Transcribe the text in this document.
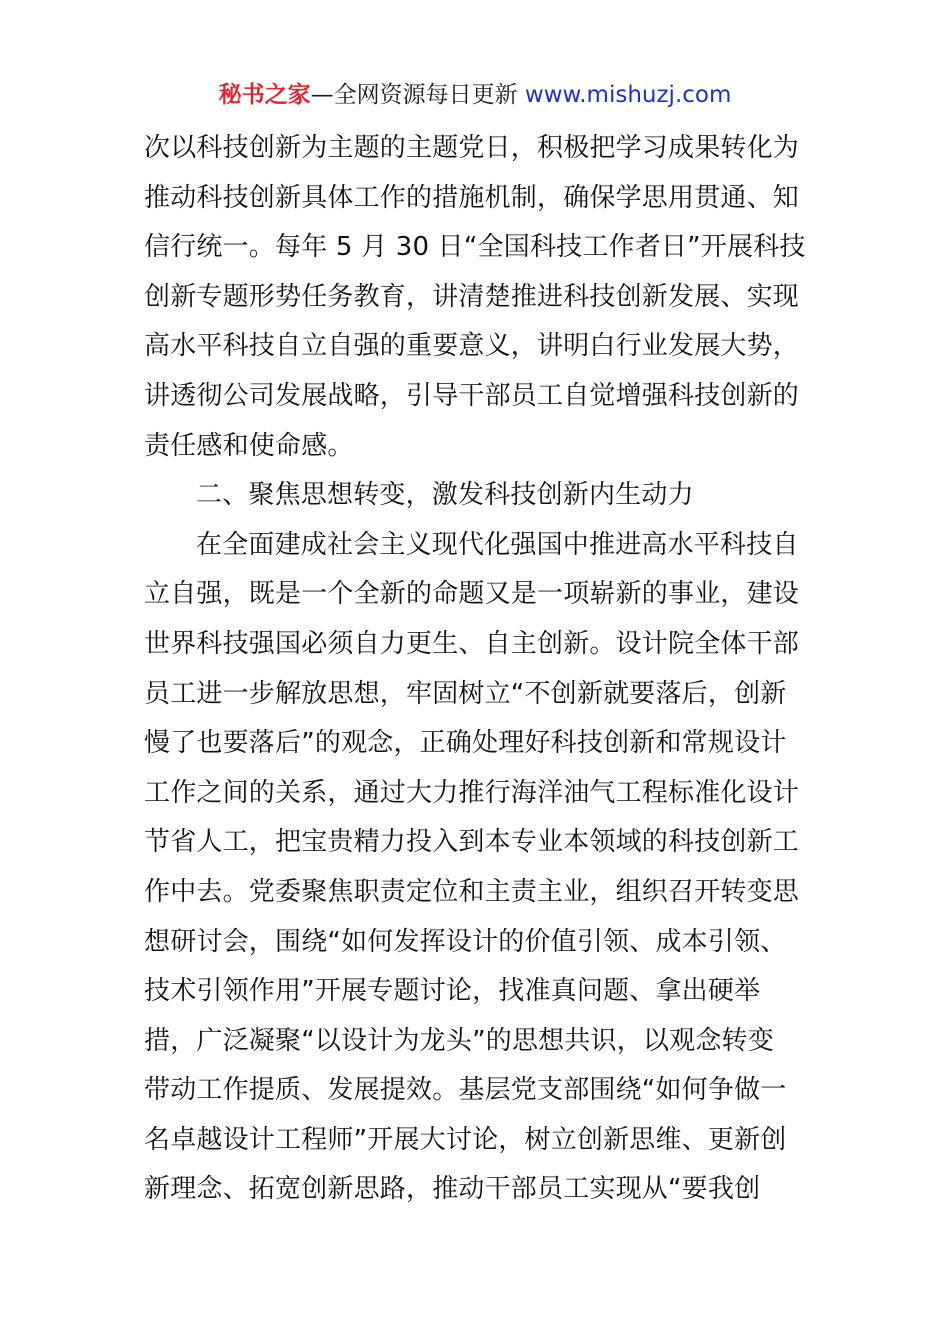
秘书之家—全网资源每日更新 www.mishuzj.com
次以科技创新为主题的主题党日，积极把学习成果转化为
推动科技创新具体工作的措施机制，确保学思用贯通、知
信行统一。每年 5 月 30 日“全国科技工作者日”开展科技
创新专题形势任务教育，讲清楚推进科技创新发展、实现
高水平科技自立自强的重要意义，讲明白行业发展大势，
讲透彻公司发展战略，引导干部员工自觉增强科技创新的
责任感和使命感。
二、聚焦思想转变，激发科技创新内生动力
在全面建成社会主义现代化强国中推进高水平科技自
立自强，既是一个全新的命题又是一项崭新的事业，建设
世界科技强国必须自力更生、自主创新。设计院全体干部
员工进一步解放思想，牢固树立“不创新就要落后，创新
慢了也要落后”的观念，正确处理好科技创新和常规设计
工作之间的关系，通过大力推行海洋油气工程标准化设计
节省人工，把宝贵精力投入到本专业本领域的科技创新工
作中去。党委聚焦职责定位和主责主业，组织召开转变思
想研讨会，围绕“如何发挥设计的价值引领、成本引领、
技术引领作用”开展专题讨论，找准真问题、拿出硬举
措，广泛凝聚“以设计为龙头”的思想共识，以观念转变
带动工作提质、发展提效。基层党支部围绕“如何争做一
名卓越设计工程师”开展大讨论，树立创新思维、更新创
新理念、拓宽创新思路，推动干部员工实现从“要我创
